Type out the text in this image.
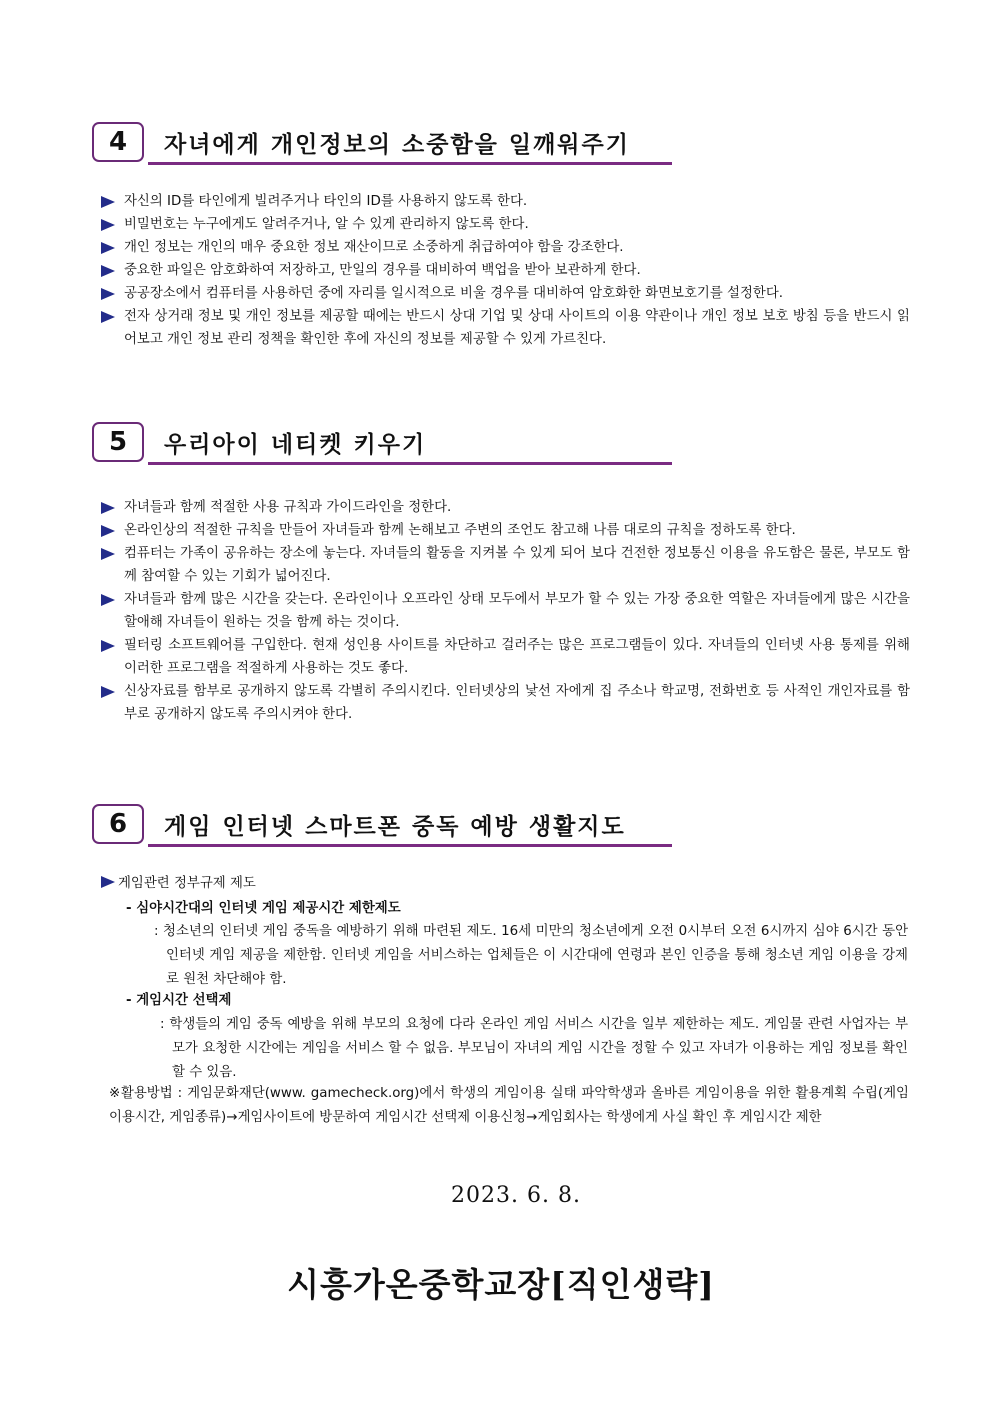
4	자녀에게 개인정보의 소중함을 일깨워주기
자신의 ID를 타인에게 빌려주거나 타인의 ID를 사용하지 않도록 한다.
비밀번호는 누구에게도 알려주거나, 알 수 있게 관리하지 않도록 한다.
개인 정보는 개인의 매우 중요한 정보 재산이므로 소중하게 취급하여야 함을 강조한다.
중요한 파일은 암호화하여 저장하고, 만일의 경우를 대비하여 백업을 받아 보관하게 한다.
공공장소에서 컴퓨터를 사용하던 중에 자리를 일시적으로 비울 경우를 대비하여 암호화한 화면보호기를 설정한다.
전자 상거래 정보 및 개인 정보를 제공할 때에는 반드시 상대 기업 및 상대 사이트의 이용 약관이나 개인 정보 보호 방침 등을 반드시 읽어보고 개인 정보 관리 정책을 확인한 후에 자신의 정보를 제공할 수 있게 가르친다.
5	우리아이 네티켓 키우기
자녀들과 함께 적절한 사용 규칙과 가이드라인을 정한다.
온라인상의 적절한 규칙을 만들어 자녀들과 함께 논해보고 주변의 조언도 참고해 나름 대로의 규칙을 정하도록 한다.
컴퓨터는 가족이 공유하는 장소에 놓는다. 자녀들의 활동을 지켜볼 수 있게 되어 보다 건전한 정보통신 이용을 유도함은 물론, 부모도 함께 참여할 수 있는 기회가 넓어진다.
자녀들과 함께 많은 시간을 갖는다. 온라인이나 오프라인 상태 모두에서 부모가 할 수 있는 가장 중요한 역할은 자녀들에게 많은 시간을 할애해 자녀들이 원하는 것을 함께 하는 것이다.
필터링 소프트웨어를 구입한다. 현재 성인용 사이트를 차단하고 걸러주는 많은 프로그램들이 있다. 자녀들의 인터넷 사용 통제를 위해 이러한 프로그램을 적절하게 사용하는 것도 좋다.
신상자료를 함부로 공개하지 않도록 각별히 주의시킨다. 인터넷상의 낯선 자에게 집 주소나 학교명, 전화번호 등 사적인 개인자료를 함부로 공개하지 않도록 주의시켜야 한다.
6	게임 인터넷 스마트폰 중독 예방 생활지도
게임관련 정부규제 제도
- 심야시간대의 인터넷 게임 제공시간 제한제도
: 청소년의 인터넷 게임 중독을 예방하기 위해 마련된 제도. 16세 미만의 청소년에게 오전 0시부터 오전 6시까지 심야 6시간 동안 인터넷 게임 제공을 제한함. 인터넷 게임을 서비스하는 업체들은 이 시간대에 연령과 본인 인증을 통해 청소년 게임 이용을 강제로 원천 차단해야 함.
- 게임시간 선택제
: 학생들의 게임 중독 예방을 위해 부모의 요청에 다라 온라인 게임 서비스 시간을 일부 제한하는 제도. 게임물 관련 사업자는 부모가 요청한 시간에는 게임을 서비스 할 수 없음. 부모님이 자녀의 게임 시간을 정할 수 있고 자녀가 이용하는 게임 정보를 확인할 수 있음.
※활용방법 : 게임문화재단(www. gamecheck.org)에서 학생의 게임이용 실태 파악학생과 올바른 게임이용을 위한 활용계획 수립(게임 이용시간, 게임종류)→게임사이트에 방문하여 게임시간 선택제 이용신청→게임회사는 학생에게 사실 확인 후 게임시간 제한
2023. 6. 8.
시흥가온중학교장[직인생략]
